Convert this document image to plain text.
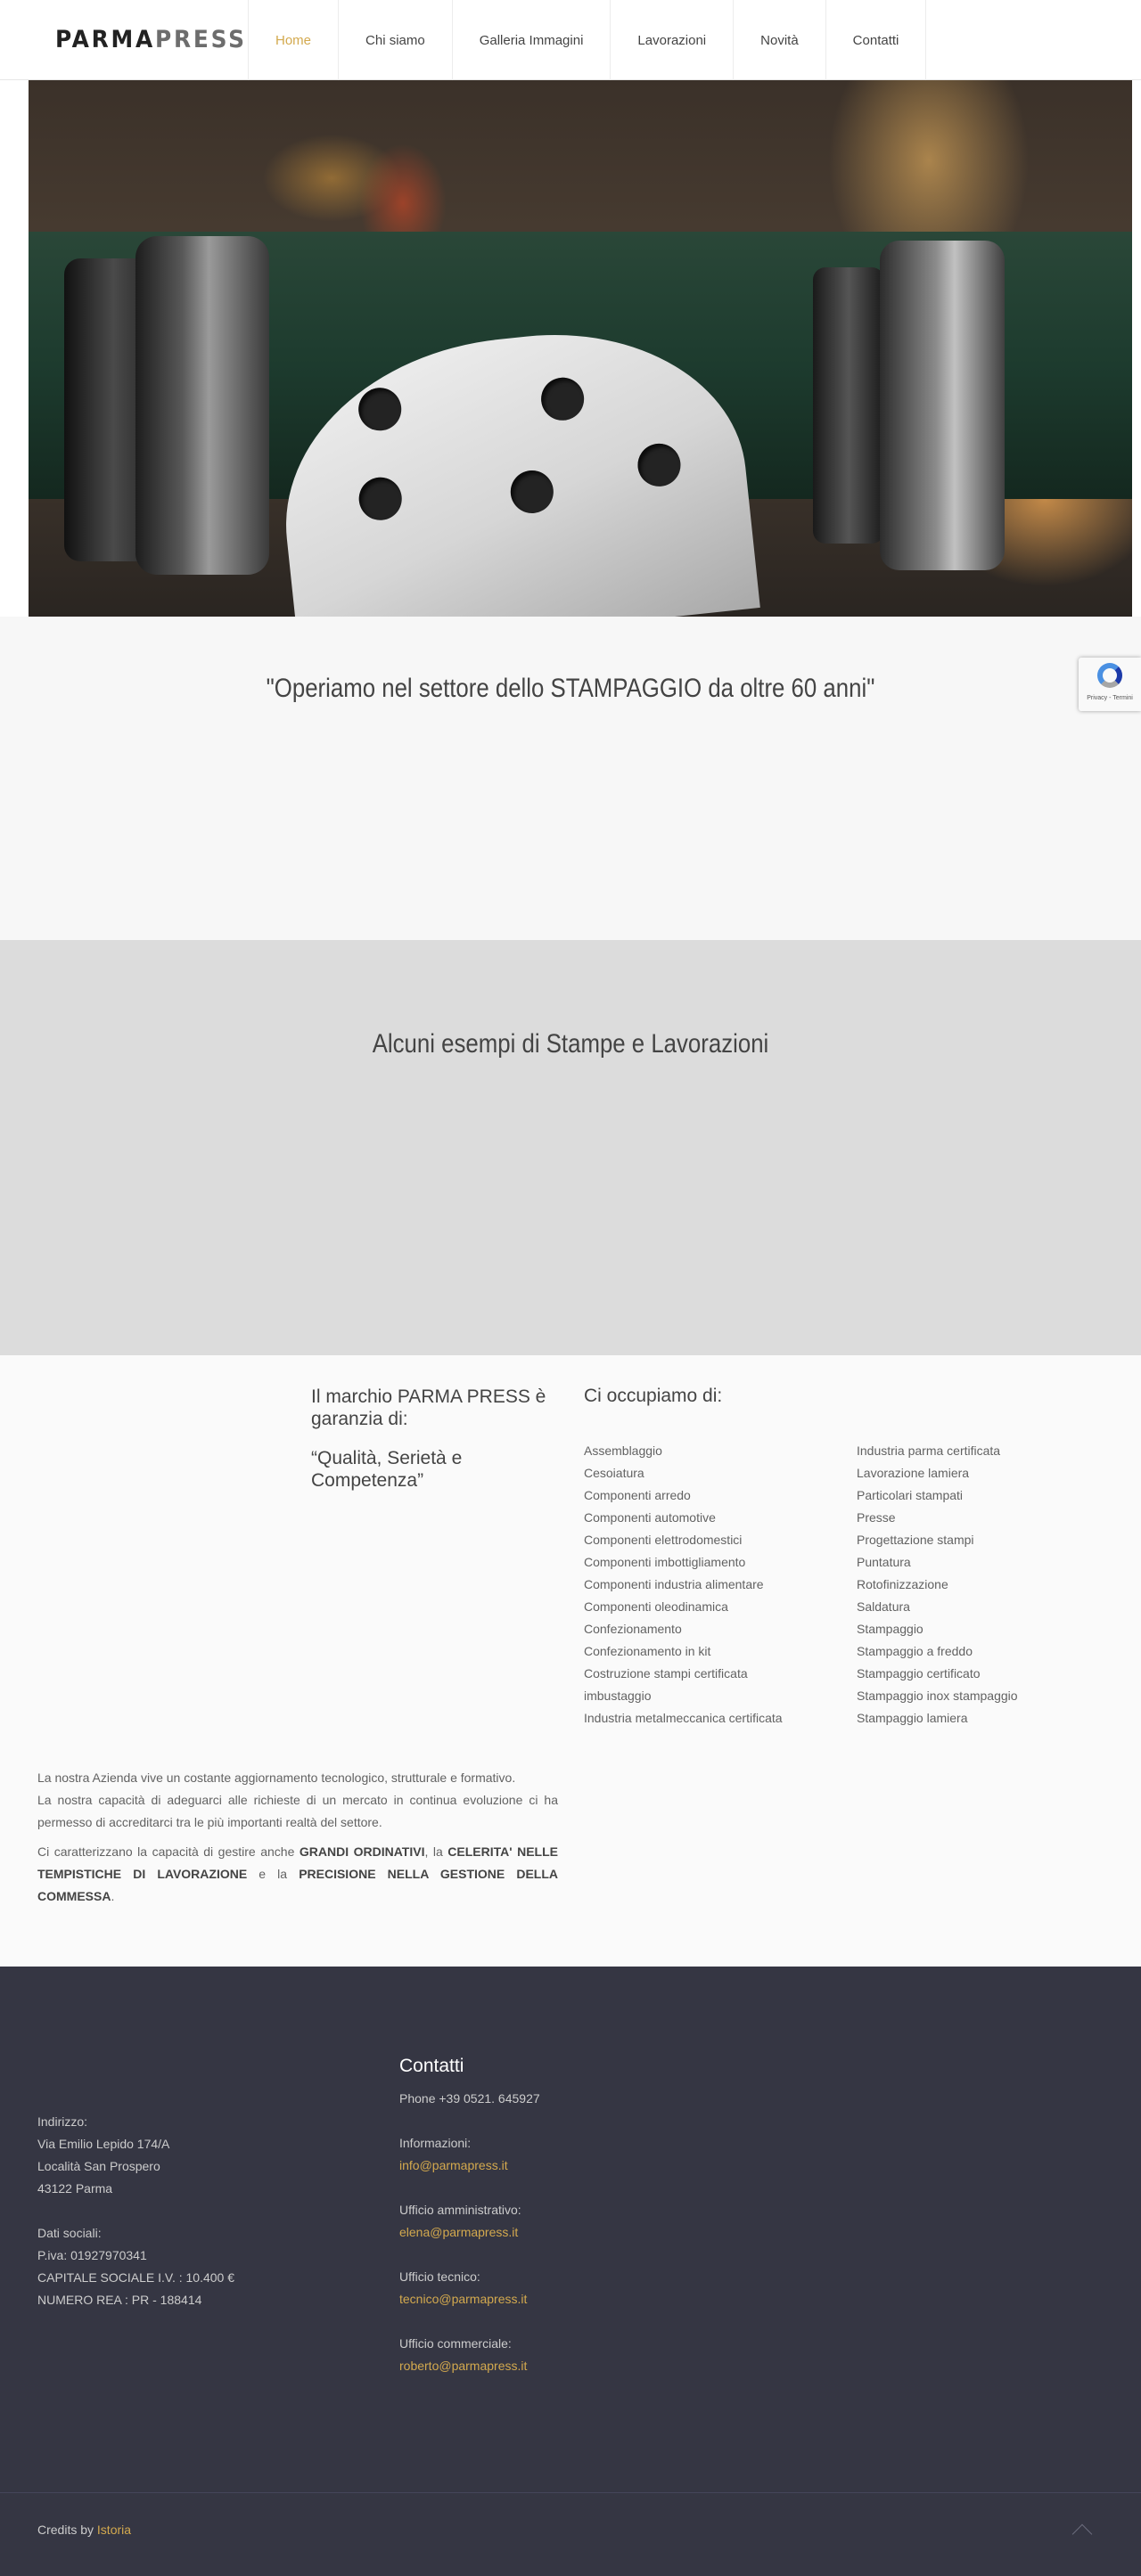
PARMAPRESS	Home	Chi siamo	Galleria Immagini	Lavorazioni	Novità	Contatti
Privacy - Termini
"Operiamo nel settore dello STAMPAGGIO da oltre 60 anni"
Alcuni esempi di Stampe e Lavorazioni
Il marchio PARMA PRESS è garanzia di:
“Qualità, Serietà e Competenza”
Ci occupiamo di:
Assemblaggio
Cesoiatura
Componenti arredo
Componenti automotive
Componenti elettrodomestici
Componenti imbottigliamento
Componenti industria alimentare
Componenti oleodinamica
Confezionamento
Confezionamento in kit
Costruzione stampi certificata
imbustaggio
Industria metalmeccanica certificata
Industria parma certificata
Lavorazione lamiera
Particolari stampati
Presse
Progettazione stampi
Puntatura
Rotofinizzazione
Saldatura
Stampaggio
Stampaggio a freddo
Stampaggio certificato
Stampaggio inox stampaggio
Stampaggio lamiera

La nostra Azienda vive un costante aggiornamento tecnologico, strutturale e formativo.
La nostra capacità di adeguarci alle richieste di un mercato in continua evoluzione ci ha permesso di accreditarci tra le più importanti realtà del settore.

Ci caratterizzano la capacità di gestire anche GRANDI ORDINATIVI, la CELERITA' NELLE TEMPISTICHE DI LAVORAZIONE e la PRECISIONE NELLA GESTIONE DELLA COMMESSA.

Indirizzo:
Via Emilio Lepido 174/A
Località San Prospero
43122 Parma
Dati sociali:
P.iva: 01927970341
CAPITALE SOCIALE I.V. : 10.400 €
NUMERO REA : PR - 188414
Contatti
Phone +39 0521. 645927
Informazioni:
info@parmapress.it
Ufficio amministrativo:
elena@parmapress.it
Ufficio tecnico:
tecnico@parmapress.it
Ufficio commerciale:
roberto@parmapress.it
Credits by Istoria
